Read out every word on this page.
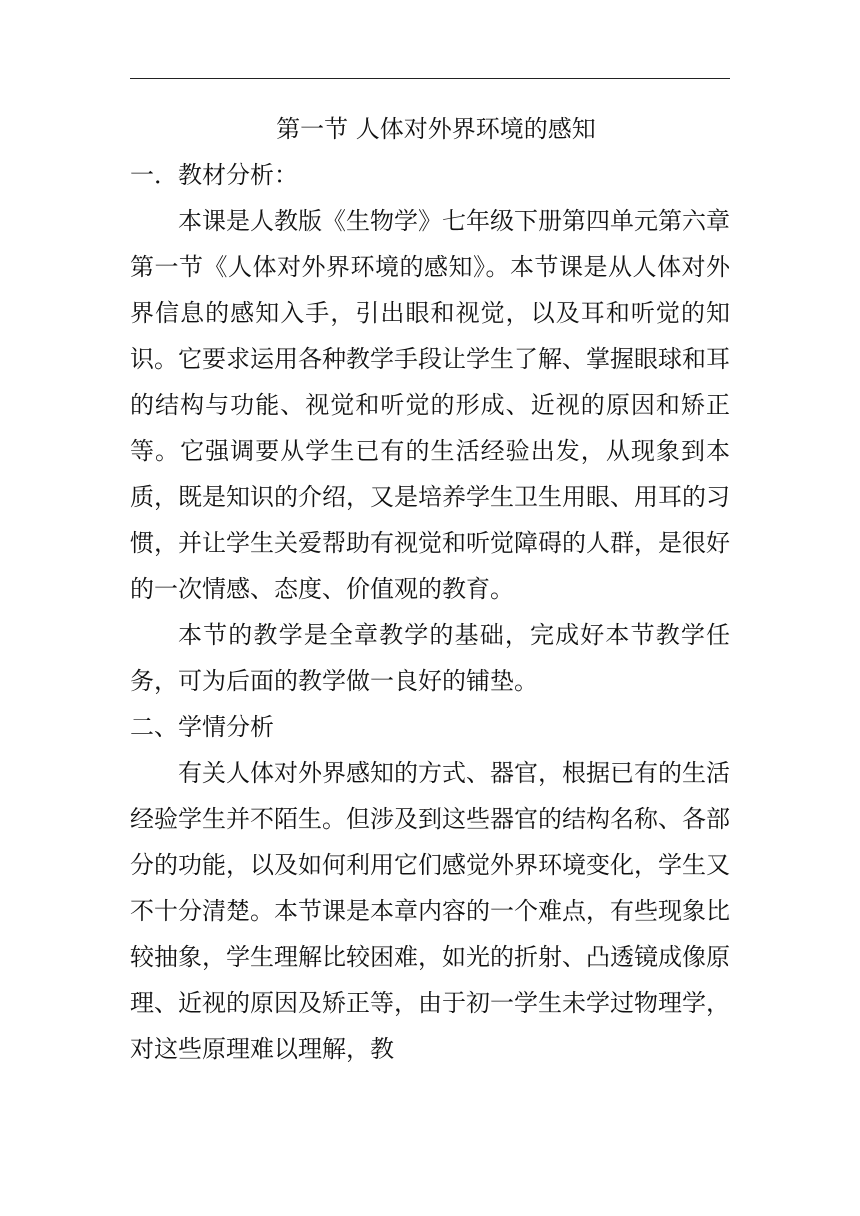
第一节 人体对外界环境的感知
一．教材分析：

本课是人教版《生物学》七年级下册第四单元第六章第一节《人体对外界环境的感知》。本节课是从人体对外界信息的感知入手，引出眼和视觉，以及耳和听觉的知识。它要求运用各种教学手段让学生了解、掌握眼球和耳的结构与功能、视觉和听觉的形成、近视的原因和矫正等。它强调要从学生已有的生活经验出发，从现象到本质，既是知识的介绍，又是培养学生卫生用眼、用耳的习惯，并让学生关爱帮助有视觉和听觉障碍的人群，是很好的一次情感、态度、价值观的教育。

本节的教学是全章教学的基础，完成好本节教学任务，可为后面的教学做一良好的铺垫。

二、学情分析

有关人体对外界感知的方式、器官，根据已有的生活经验学生并不陌生。但涉及到这些器官的结构名称、各部分的功能，以及如何利用它们感觉外界环境变化，学生又不十分清楚。本节课是本章内容的一个难点，有些现象比较抽象，学生理解比较困难，如光的折射、凸透镜成像原理、近视的原因及矫正等，由于初一学生未学过物理学，对这些原理难以理解，教
